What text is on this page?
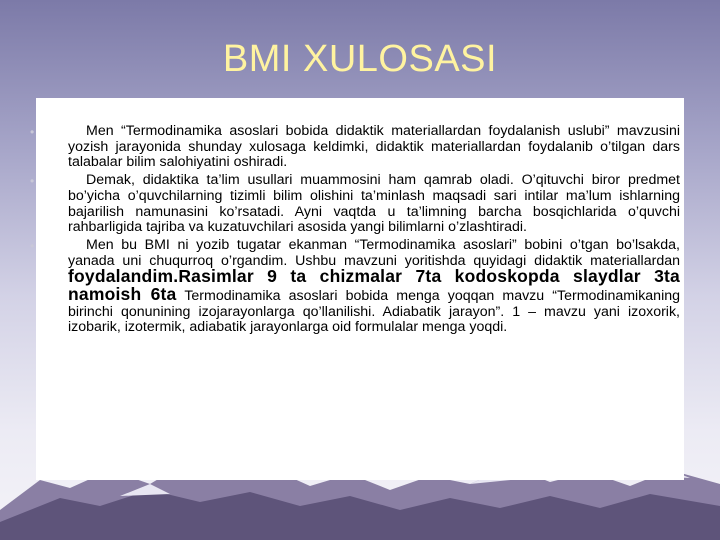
BMI XULOSASI
•	Men “Termodinamika asoslari bobida didaktik materiallardan foydalanish uslubi” mavzusini yozish jarayonida shunday xulosaga keldimki, didaktik materiallardan foydalanib o’tilgan dars talabalar bilim salohiyatini oshiradi.
•	Demak, didaktika ta’lim usullari muammosini ham qamrab oladi. O’qituvchi biror predmet bo’yicha o’quvchilarning tizimli bilim olishini ta’minlash maqsadi sari intilar ma’lum ishlarning bajarilish namunasini ko’rsatadi. Ayni vaqtda u ta’limning barcha bosqichlarida o’quvchi rahbarligida tajriba va kuzatuvchilari asosida yangi bilimlarni o’zlashtiradi.
•	Men bu BMI ni yozib tugatar ekanman “Termodinamika asoslari” bobini o’tgan bo’lsakda, yanada uni chuqurroq o’rgandim. Ushbu mavzuni yoritishda quyidagi didaktik materiallardan foydalandim.Rasimlar 9 ta chizmalar 7ta kodoskopda slaydlar 3ta namoish 6ta Termodinamika asoslari bobida menga yoqqan mavzu “Termodinamikaning birinchi qonunining izojarayonlarga qo’llanilishi. Adiabatik jarayon”. 1 – mavzu yani izoxorik, izobarik, izotermik, adiabatik jarayonlarga oid formulalar menga yoqdi.
